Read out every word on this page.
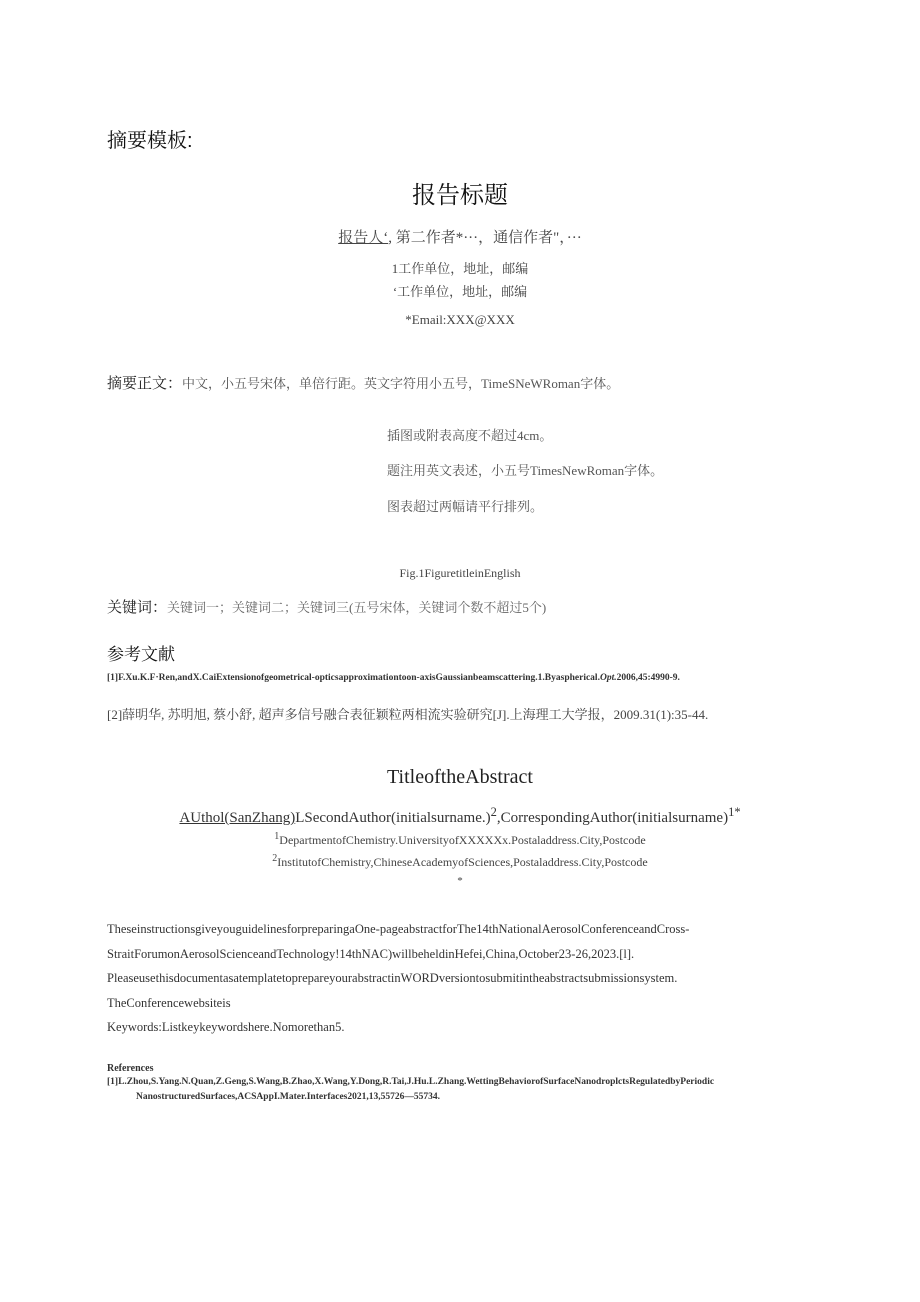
摘要模板:
报告标题
报告人‘, 第二作者*···，通信作者"，···
1工作单位，地址，邮编
‘工作单位，地址，邮编
*Email:XXX@XXX
摘要正文：中文，小五号宋体，单倍行距。英文字符用小五号，TimeSNeWRoman字体。
插图或附表高度不超过4cm。
题注用英文表述，小五号TimesNewRoman字体。
图表超过两幅请平行排列。
Fig.1FiguretitleinEnglish
关键词：关键词一；关键词二；关键词三(五号宋体，关键词个数不超过5个)
参考文献
[1]F.Xu.K.F·Ren,andX.CaiExtensionofgeometrical-opticsapproximationtoon-axisGaussianbeamscattering.1.Byaspherical.Opt.2006,45:4990-9.
[2]薛明华, 苏明旭, 蔡小舒, 超声多信号融合表征颖粒两相流实验研究[J].上海理工大学报，2009.31(1):35-44.
TitleoftheAbstract
AUthol(SanZhang)LSecondAuthor(initialsurname.)$^2$,CorrespondingAuthor(initialsurname)$^{1*}$
$^1$DepartmentofChemistry.UniversityofXXXXXx.Postaladdress.City,Postcode
$^2$InstitutofChemistry,ChineseAcademyofSciences,Postaladdress.City,Postcode
*
TheseinstructionsgiveyouguidelinesforpreparingaOne-pageabstractforThe14thNationalAerosolConferenceandCross-
StraitForumonAerosolScienceandTechnology!14thNAC)willbeheldinHefei,China,October23-26,2023.[l].
PleaseusethisdocumentasatemplatetoprepareyourabstractinWORDversiontosubmitintheabstractsubmissionsystem.
TheConferencewebsiteis
Keywords:Listkeykeywordshere.Nomorethan5.
References
[1]L.Zhou,S.Yang.N.Quan,Z.Geng,S.Wang,B.Zhao,X.Wang,Y.Dong,R.Tai,J.Hu.L.Zhang.WettingBehaviorofSurfaceNanodroplctsRegulatedbyPeriodic
NanostructuredSurfaces,ACSAppI.Mater.Interfaces2021,13,55726—55734.
